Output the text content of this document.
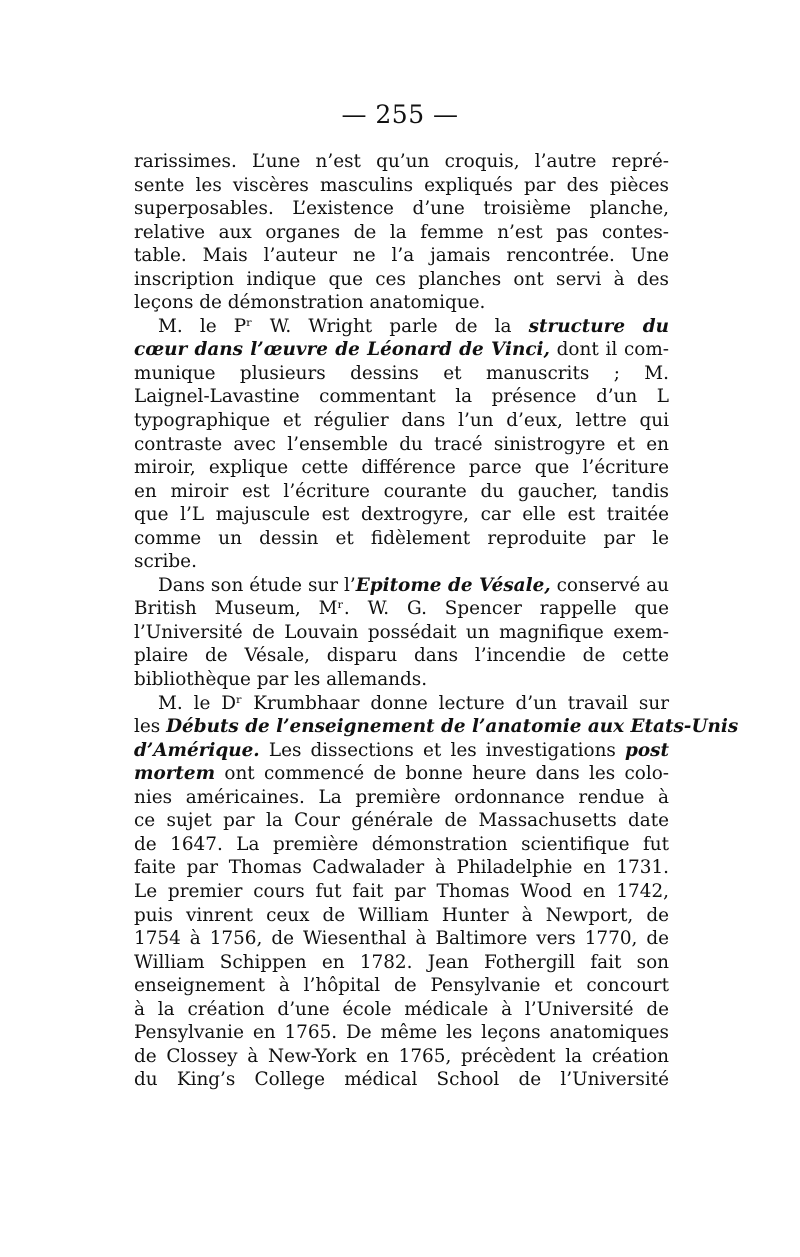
— 255 —
rarissimes. L’une n’est qu’un croquis, l’autre repré-
sente les viscères masculins expliqués par des pièces
superposables. L’existence d’une troisième planche,
relative aux organes de la femme n’est pas contes-
table. Mais l’auteur ne l’a jamais rencontrée. Une
inscription indique que ces planches ont servi à des
leçons de démonstration anatomique.
M. le Pʳ W. Wright parle de la structure du
cœur dans l’œuvre de Léonard de Vinci, dont il com-
munique plusieurs dessins et manuscrits ; M.
Laignel-Lavastine commentant la présence d’un L
typographique et régulier dans l’un d’eux, lettre qui
contraste avec l’ensemble du tracé sinistrogyre et en
miroir, explique cette différence parce que l’écriture
en miroir est l’écriture courante du gaucher, tandis
que l’L majuscule est dextrogyre, car elle est traitée
comme un dessin et fidèlement reproduite par le
scribe.
Dans son étude sur l’Epitome de Vésale, conservé au
British Museum, Mʳ. W. G. Spencer rappelle que
l’Université de Louvain possédait un magnifique exem-
plaire de Vésale, disparu dans l’incendie de cette
bibliothèque par les allemands.
M. le Dʳ Krumbhaar donne lecture d’un travail sur
les Débuts de l’enseignement de l’anatomie aux Etats-Unis
d’Amérique. Les dissections et les investigations post
mortem ont commencé de bonne heure dans les colo-
nies américaines. La première ordonnance rendue à
ce sujet par la Cour générale de Massachusetts date
de 1647. La première démonstration scientifique fut
faite par Thomas Cadwalader à Philadelphie en 1731.
Le premier cours fut fait par Thomas Wood en 1742,
puis vinrent ceux de William Hunter à Newport, de
1754 à 1756, de Wiesenthal à Baltimore vers 1770, de
William Schippen en 1782. Jean Fothergill fait son
enseignement à l’hôpital de Pensylvanie et concourt
à la création d’une école médicale à l’Université de
Pensylvanie en 1765. De même les leçons anatomiques
de Clossey à New-York en 1765, précèdent la création
du King’s College médical School de l’Université
